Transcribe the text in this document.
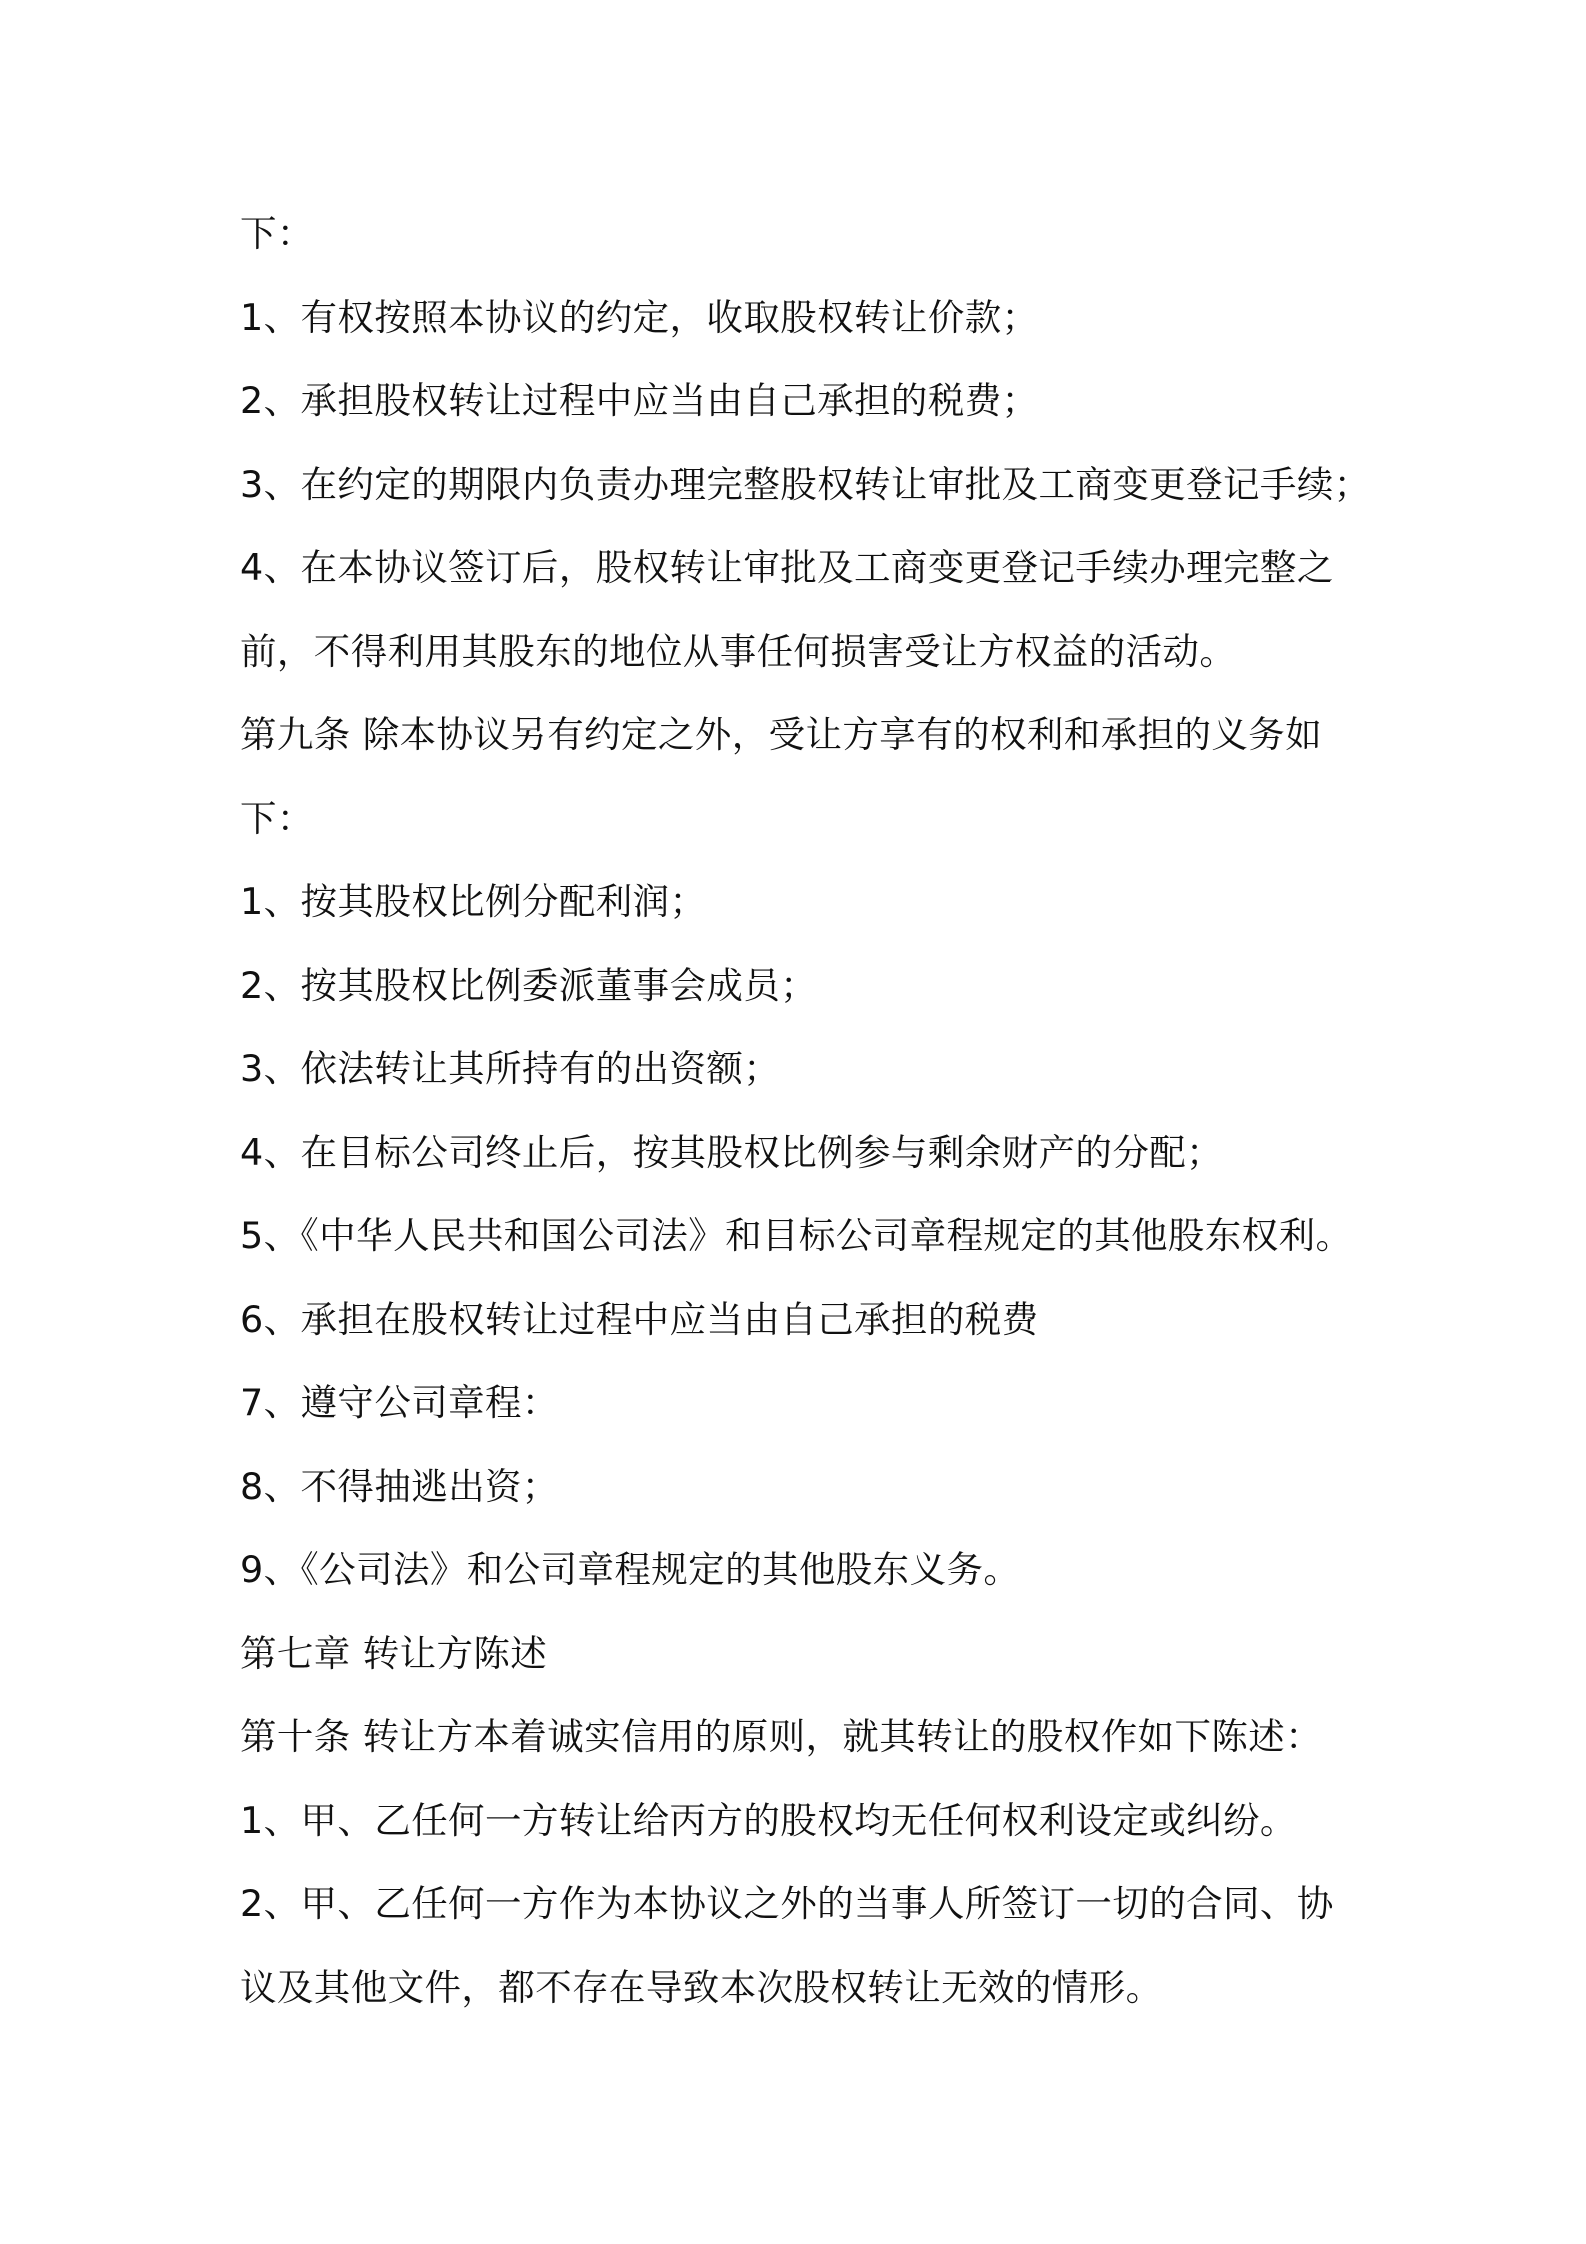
下：
1、有权按照本协议的约定，收取股权转让价款；
2、承担股权转让过程中应当由自己承担的税费；
3、在约定的期限内负责办理完整股权转让审批及工商变更登记手续；
4、在本协议签订后，股权转让审批及工商变更登记手续办理完整之
前，不得利用其股东的地位从事任何损害受让方权益的活动。
第九条 除本协议另有约定之外，受让方享有的权利和承担的义务如
下：
1、按其股权比例分配利润；
2、按其股权比例委派董事会成员；
3、依法转让其所持有的出资额；
4、在目标公司终止后，按其股权比例参与剩余财产的分配；
5、《中华人民共和国公司法》和目标公司章程规定的其他股东权利。
6、承担在股权转让过程中应当由自己承担的税费
7、遵守公司章程：
8、不得抽逃出资；
9、《公司法》和公司章程规定的其他股东义务。
第七章 转让方陈述
第十条 转让方本着诚实信用的原则，就其转让的股权作如下陈述：
1、甲、乙任何一方转让给丙方的股权均无任何权利设定或纠纷。
2、甲、乙任何一方作为本协议之外的当事人所签订一切的合同、协
议及其他文件，都不存在导致本次股权转让无效的情形。
